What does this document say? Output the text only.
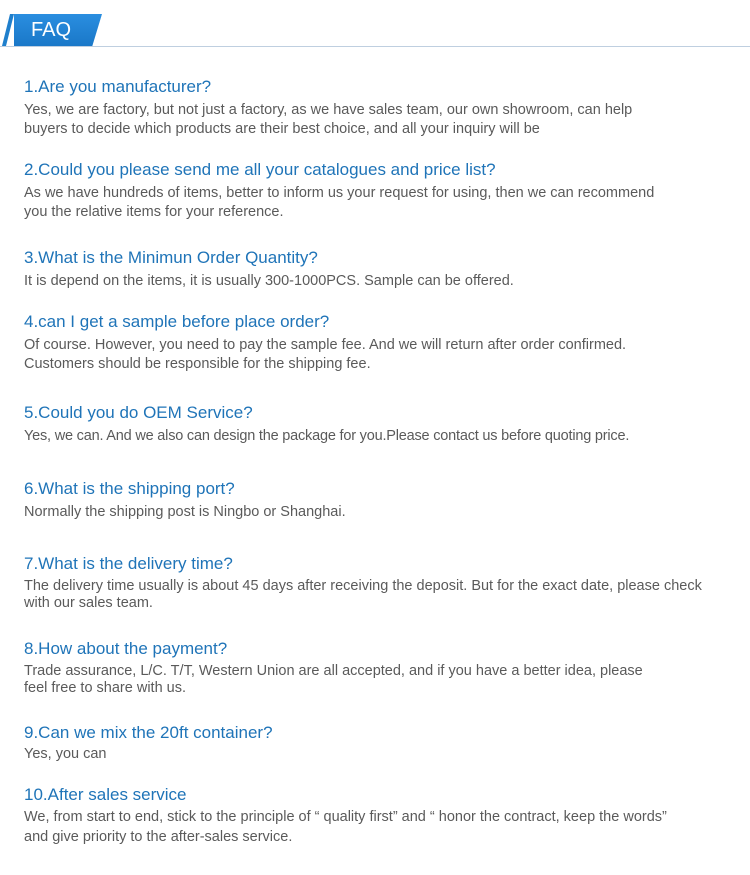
FAQ
1.Are you manufacturer?
Yes, we are factory, but not just a factory, as we have sales team, our own showroom, can help buyers to decide which products are their best choice, and all your inquiry will be
2.Could you please send me all your catalogues and price list?
As we have hundreds of items, better to inform us your request for using, then we can recommend you the relative items for your reference.
3.What is the Minimun Order Quantity?
It is depend on the items, it is usually 300-1000PCS. Sample can be offered.
4.can I get a sample before place order?
Of course. However, you need to pay the sample fee. And we will return after order confirmed. Customers should be responsible for the shipping fee.
5.Could you do OEM Service?
Yes, we can. And we also can design the package for you.Please contact us before quoting price.
6.What is the shipping port?
Normally the shipping post is Ningbo or Shanghai.
7.What is the delivery time?
The delivery time usually is about 45 days after receiving the deposit. But for the exact date, please check with our sales team.
8.How about the payment?
Trade assurance, L/C. T/T, Western Union are all accepted, and if you have a better idea, please feel free to share with us.
9.Can we mix the 20ft container?
Yes, you can
10.After sales service
We, from start to end, stick to the principle of “ quality first” and “ honor the contract, keep the words” and give priority to the after-sales service.
